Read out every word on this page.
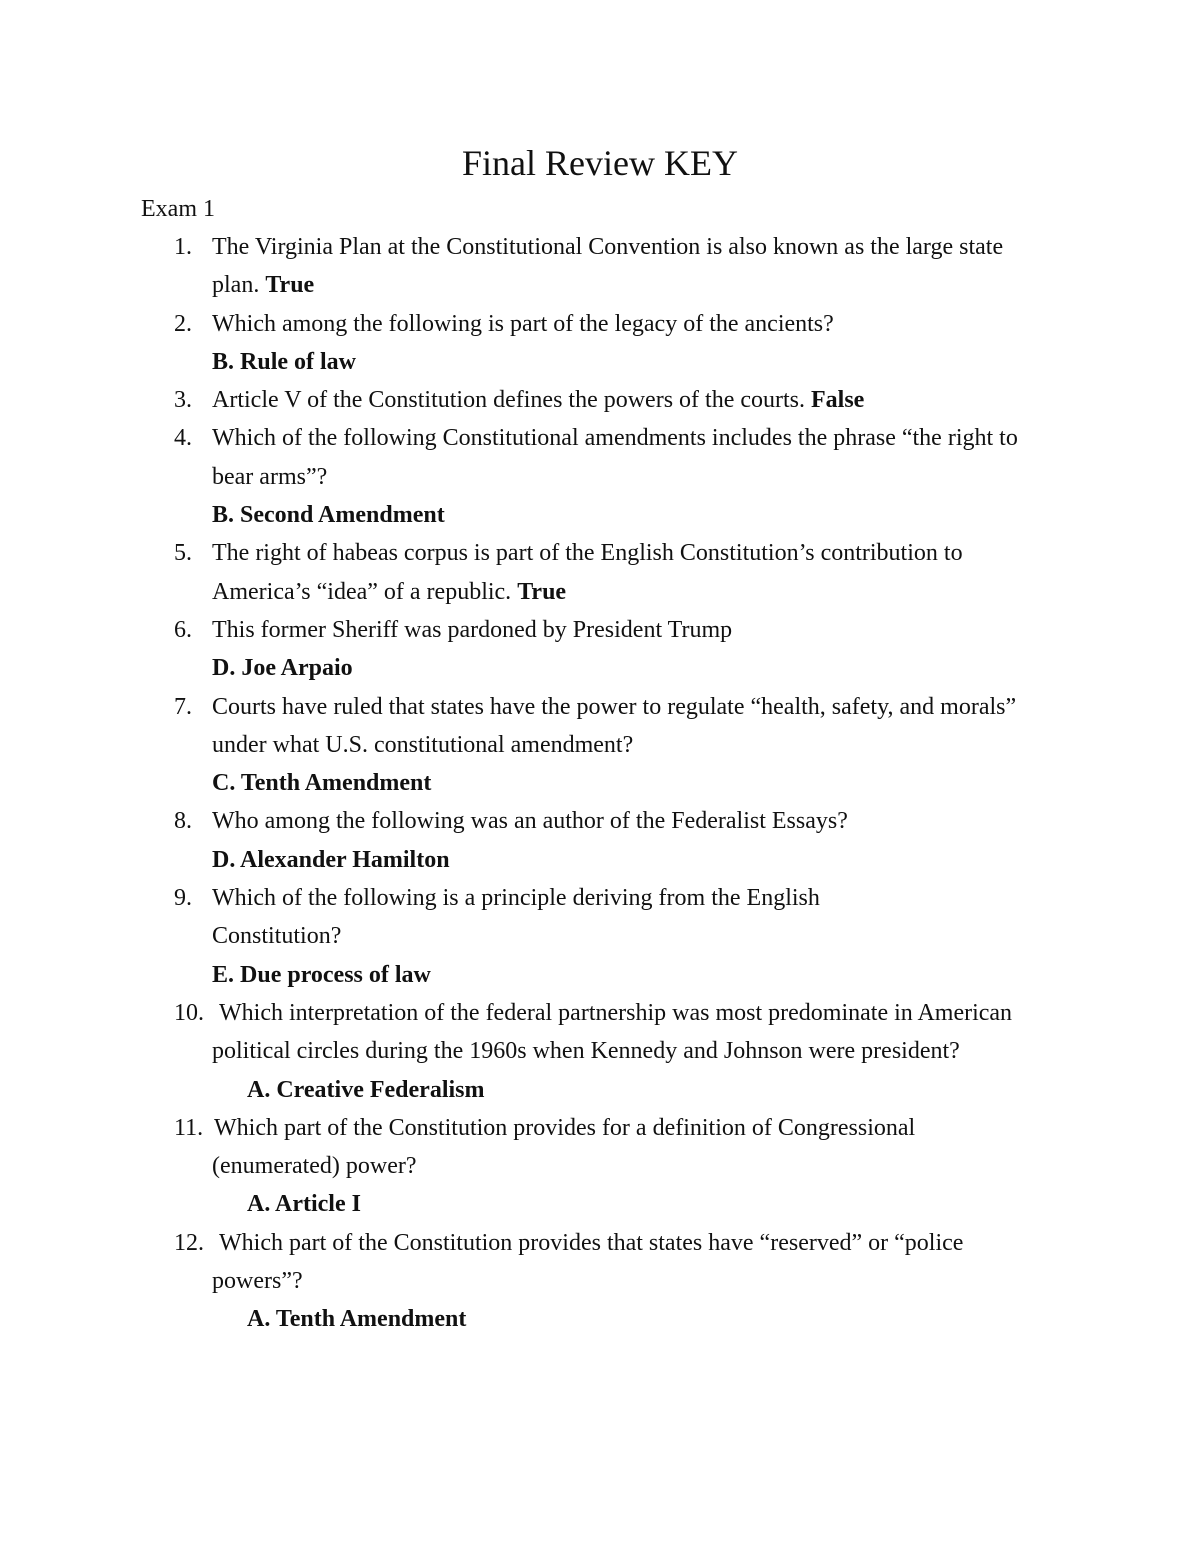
Final Review KEY
Exam 1
1. The Virginia Plan at the Constitutional Convention is also known as the large state plan. True
2. Which among the following is part of the legacy of the ancients?
B. Rule of law
3. Article V of the Constitution defines the powers of the courts. False
4. Which of the following Constitutional amendments includes the phrase “the right to bear arms”?
B. Second Amendment
5. The right of habeas corpus is part of the English Constitution’s contribution to America’s “idea” of a republic. True
6. This former Sheriff was pardoned by President Trump
D. Joe Arpaio
7. Courts have ruled that states have the power to regulate “health, safety, and morals” under what U.S. constitutional amendment?
C. Tenth Amendment
8. Who among the following was an author of the Federalist Essays?
D. Alexander Hamilton
9. Which of the following is a principle deriving from the English Constitution?
E. Due process of law
10. Which interpretation of the federal partnership was most predominate in American political circles during the 1960s when Kennedy and Johnson were president?
A. Creative Federalism
11. Which part of the Constitution provides for a definition of Congressional (enumerated) power?
A. Article I
12. Which part of the Constitution provides that states have “reserved” or “police powers”?
A. Tenth Amendment
